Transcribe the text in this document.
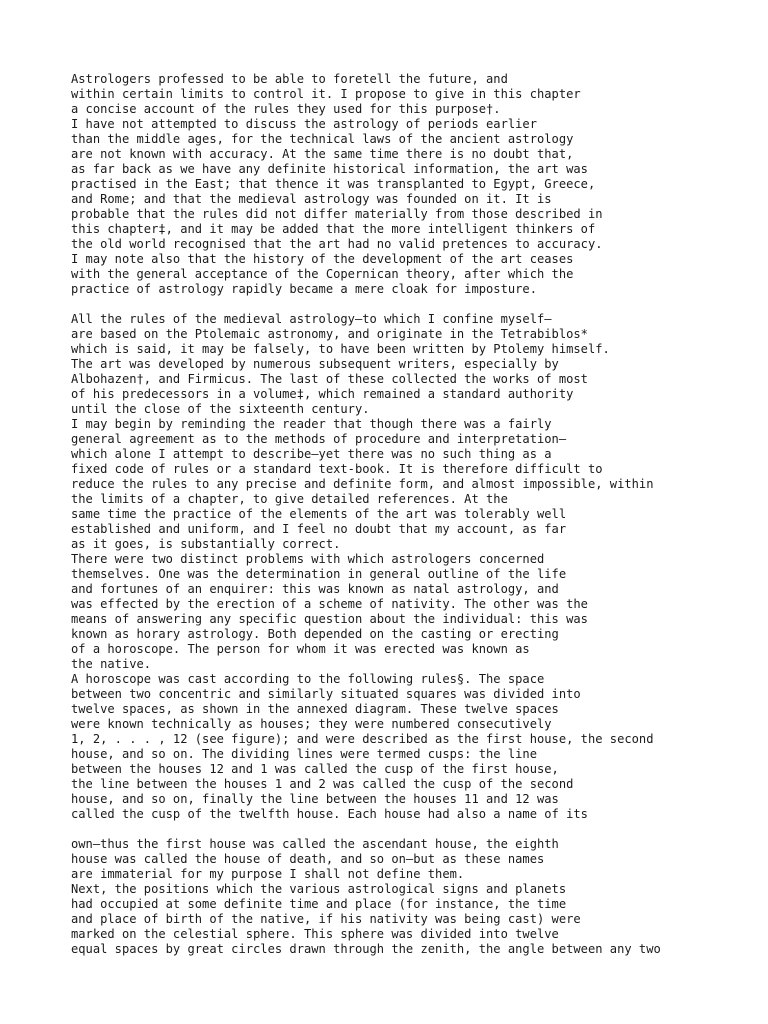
Astrologers professed to be able to foretell the future, and
within certain limits to control it. I propose to give in this chapter
a concise account of the rules they used for this purpose†.
I have not attempted to discuss the astrology of periods earlier
than the middle ages, for the technical laws of the ancient astrology
are not known with accuracy. At the same time there is no doubt that,
as far back as we have any definite historical information, the art was
practised in the East; that thence it was transplanted to Egypt, Greece,
and Rome; and that the medieval astrology was founded on it. It is
probable that the rules did not differ materially from those described in
this chapter‡, and it may be added that the more intelligent thinkers of
the old world recognised that the art had no valid pretences to accuracy.
I may note also that the history of the development of the art ceases
with the general acceptance of the Copernican theory, after which the
practice of astrology rapidly became a mere cloak for imposture.
All the rules of the medieval astrology—to which I confine myself—
are based on the Ptolemaic astronomy, and originate in the Tetrabiblos*
which is said, it may be falsely, to have been written by Ptolemy himself.
The art was developed by numerous subsequent writers, especially by
Albohazen†, and Firmicus. The last of these collected the works of most
of his predecessors in a volume‡, which remained a standard authority
until the close of the sixteenth century.
I may begin by reminding the reader that though there was a fairly
general agreement as to the methods of procedure and interpretation—
which alone I attempt to describe—yet there was no such thing as a
fixed code of rules or a standard text-book. It is therefore difficult to
reduce the rules to any precise and definite form, and almost impossible, within
the limits of a chapter, to give detailed references. At the
same time the practice of the elements of the art was tolerably well
established and uniform, and I feel no doubt that my account, as far
as it goes, is substantially correct.
There were two distinct problems with which astrologers concerned
themselves. One was the determination in general outline of the life
and fortunes of an enquirer: this was known as natal astrology, and
was effected by the erection of a scheme of nativity. The other was the
means of answering any specific question about the individual: this was
known as horary astrology. Both depended on the casting or erecting
of a horoscope. The person for whom it was erected was known as
the native.
A horoscope was cast according to the following rules§. The space
between two concentric and similarly situated squares was divided into
twelve spaces, as shown in the annexed diagram. These twelve spaces
were known technically as houses; they were numbered consecutively
1, 2, . . . , 12 (see figure); and were described as the first house, the second
house, and so on. The dividing lines were termed cusps: the line
between the houses 12 and 1 was called the cusp of the first house,
the line between the houses 1 and 2 was called the cusp of the second
house, and so on, finally the line between the houses 11 and 12 was
called the cusp of the twelfth house. Each house had also a name of its
own—thus the first house was called the ascendant house, the eighth
house was called the house of death, and so on—but as these names
are immaterial for my purpose I shall not define them.
Next, the positions which the various astrological signs and planets
had occupied at some definite time and place (for instance, the time
and place of birth of the native, if his nativity was being cast) were
marked on the celestial sphere. This sphere was divided into twelve
equal spaces by great circles drawn through the zenith, the angle between any two
